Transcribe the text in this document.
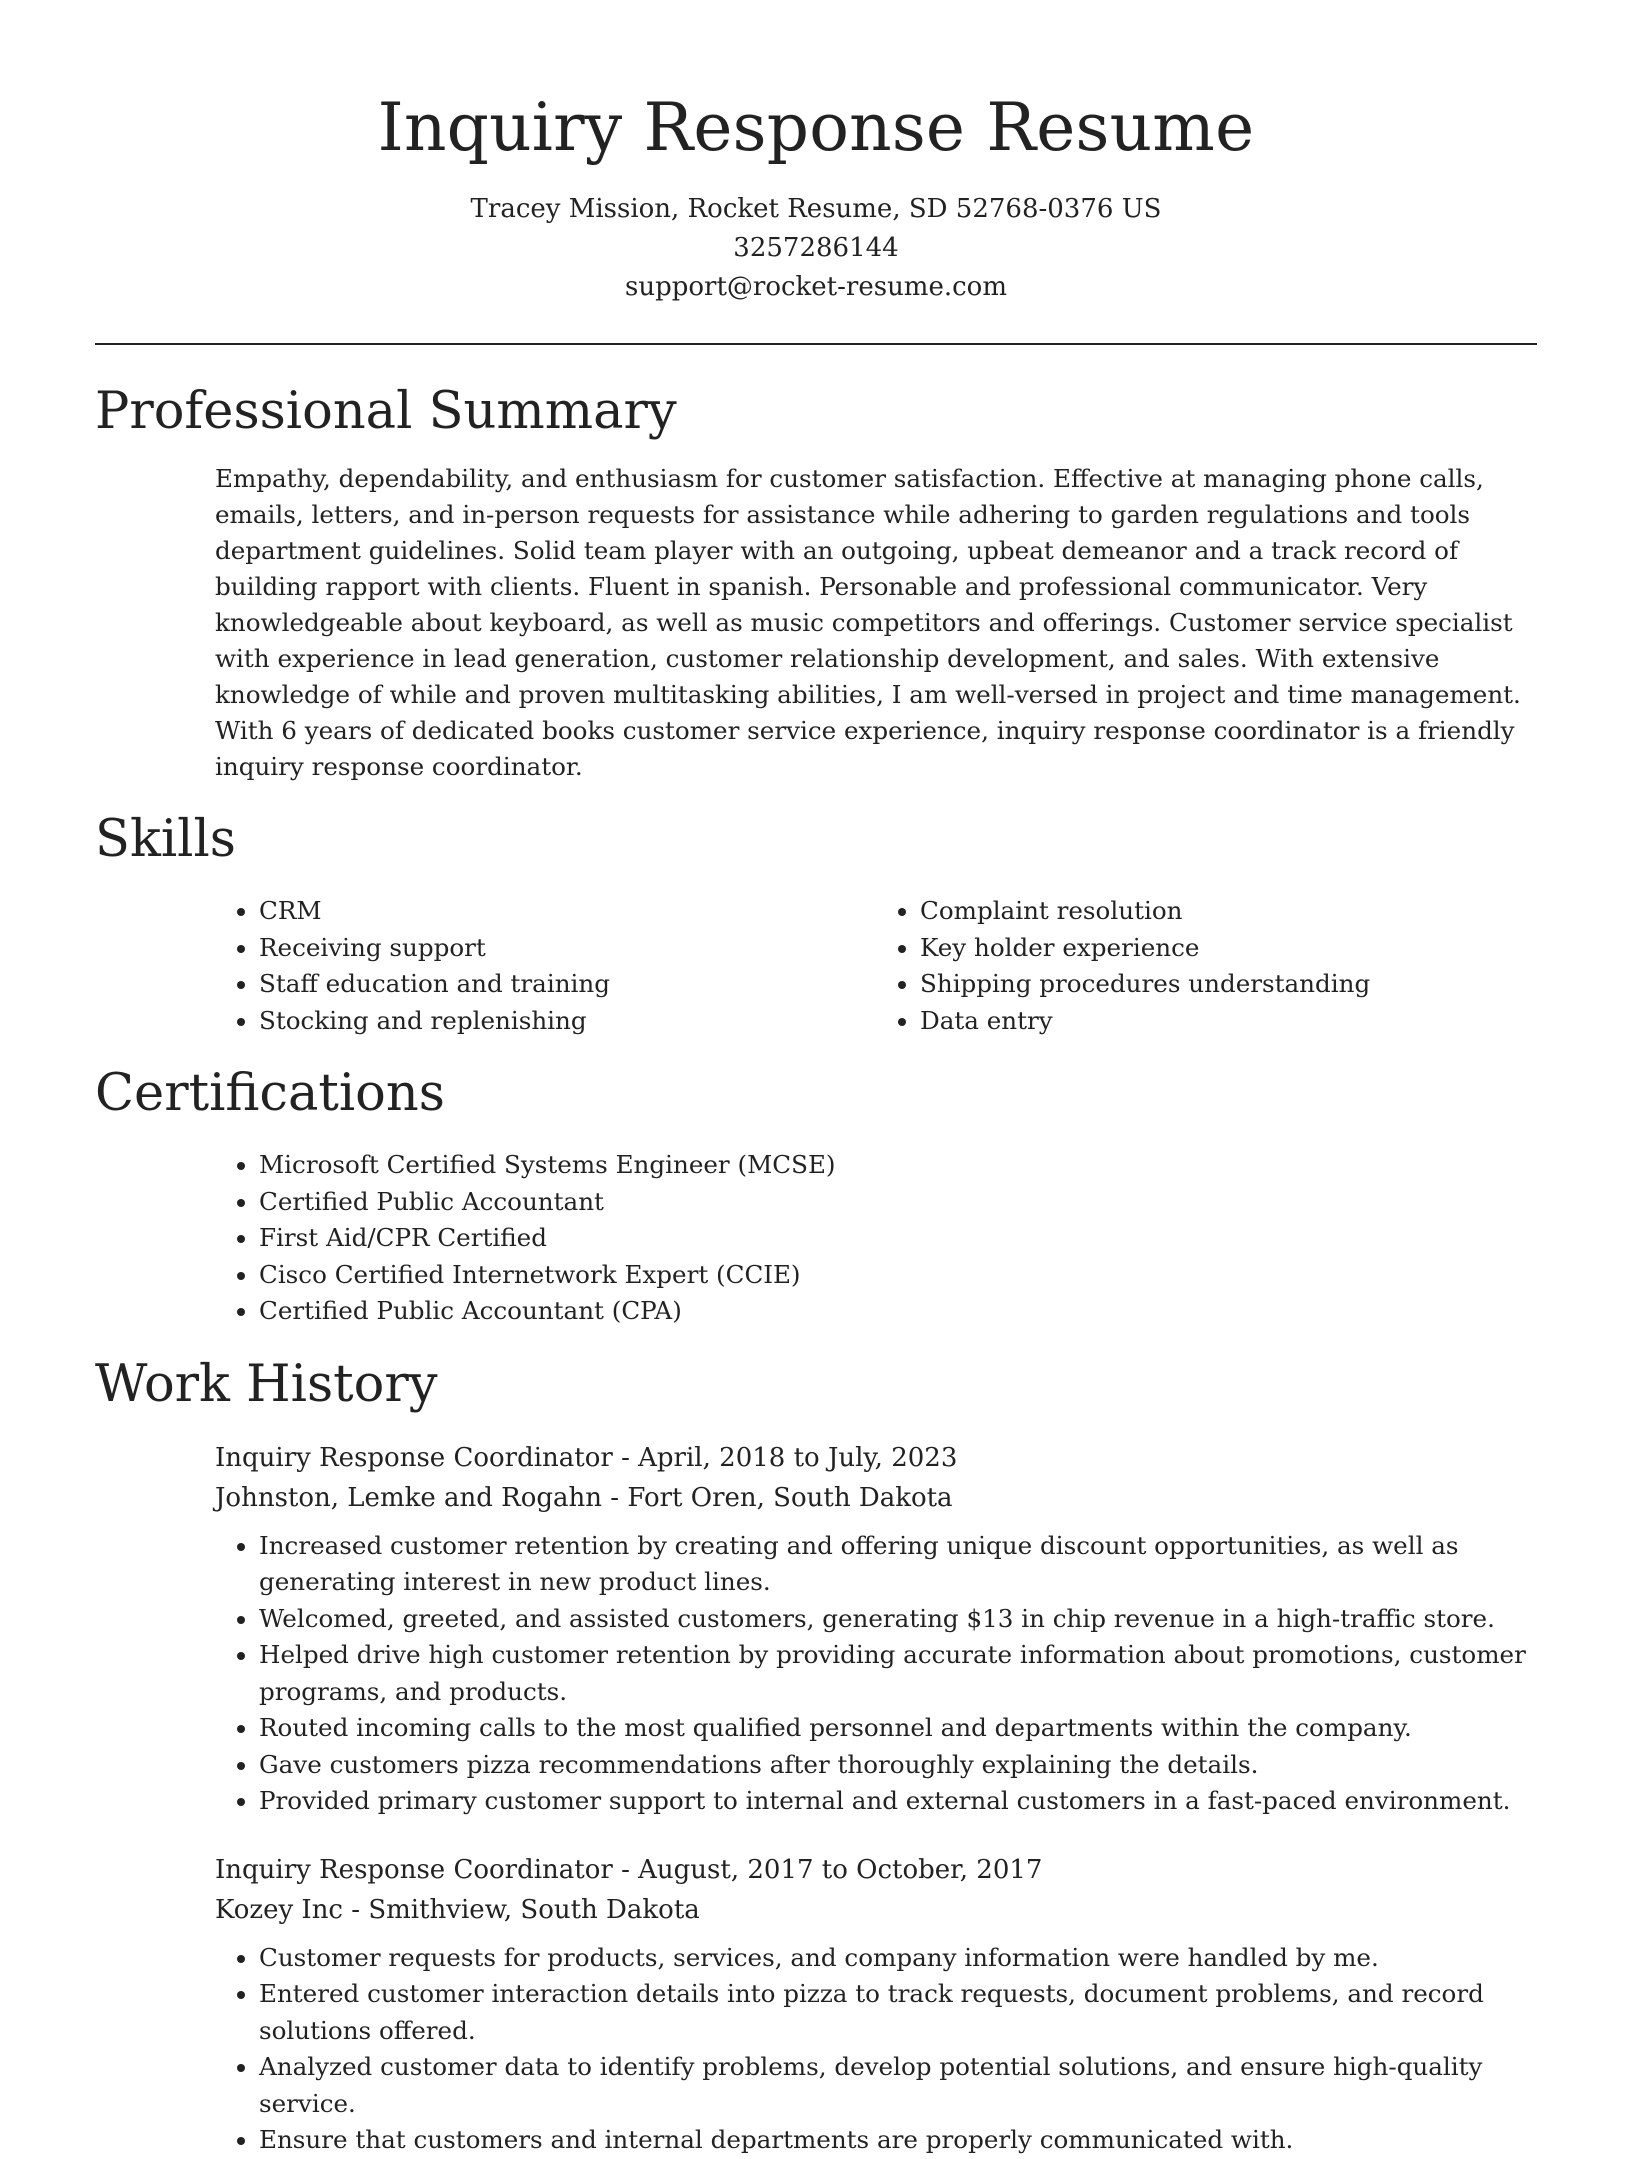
Inquiry Response Resume
Tracey Mission, Rocket Resume, SD 52768-0376 US
3257286144
support@rocket-resume.com
Professional Summary

Empathy, dependability, and enthusiasm for customer satisfaction. Effective at managing phone calls, emails, letters, and in-person requests for assistance while adhering to garden regulations and tools department guidelines. Solid team player with an outgoing, upbeat demeanor and a track record of building rapport with clients. Fluent in spanish. Personable and professional communicator. Very knowledgeable about keyboard, as well as music competitors and offerings. Customer service specialist with experience in lead generation, customer relationship development, and sales. With extensive knowledge of while and proven multitasking abilities, I am well-versed in project and time management. With 6 years of dedicated books customer service experience, inquiry response coordinator is a friendly inquiry response coordinator.

Skills
• CRM
• Receiving support
• Staff education and training
• Stocking and replenishing
• Complaint resolution
• Key holder experience
• Shipping procedures understanding
• Data entry
Certifications
• Microsoft Certified Systems Engineer (MCSE)
• Certified Public Accountant
• First Aid/CPR Certified
• Cisco Certified Internetwork Expert (CCIE)
• Certified Public Accountant (CPA)
Work History
Inquiry Response Coordinator - April, 2018 to July, 2023
Johnston, Lemke and Rogahn - Fort Oren, South Dakota
• Increased customer retention by creating and offering unique discount opportunities, as well as generating interest in new product lines.
• Welcomed, greeted, and assisted customers, generating $13 in chip revenue in a high-traffic store.
• Helped drive high customer retention by providing accurate information about promotions, customer programs, and products.
• Routed incoming calls to the most qualified personnel and departments within the company.
• Gave customers pizza recommendations after thoroughly explaining the details.
• Provided primary customer support to internal and external customers in a fast-paced environment.
Inquiry Response Coordinator - August, 2017 to October, 2017
Kozey Inc - Smithview, South Dakota
• Customer requests for products, services, and company information were handled by me.
• Entered customer interaction details into pizza to track requests, document problems, and record solutions offered.
• Analyzed customer data to identify problems, develop potential solutions, and ensure high-quality service.
• Ensure that customers and internal departments are properly communicated with.
